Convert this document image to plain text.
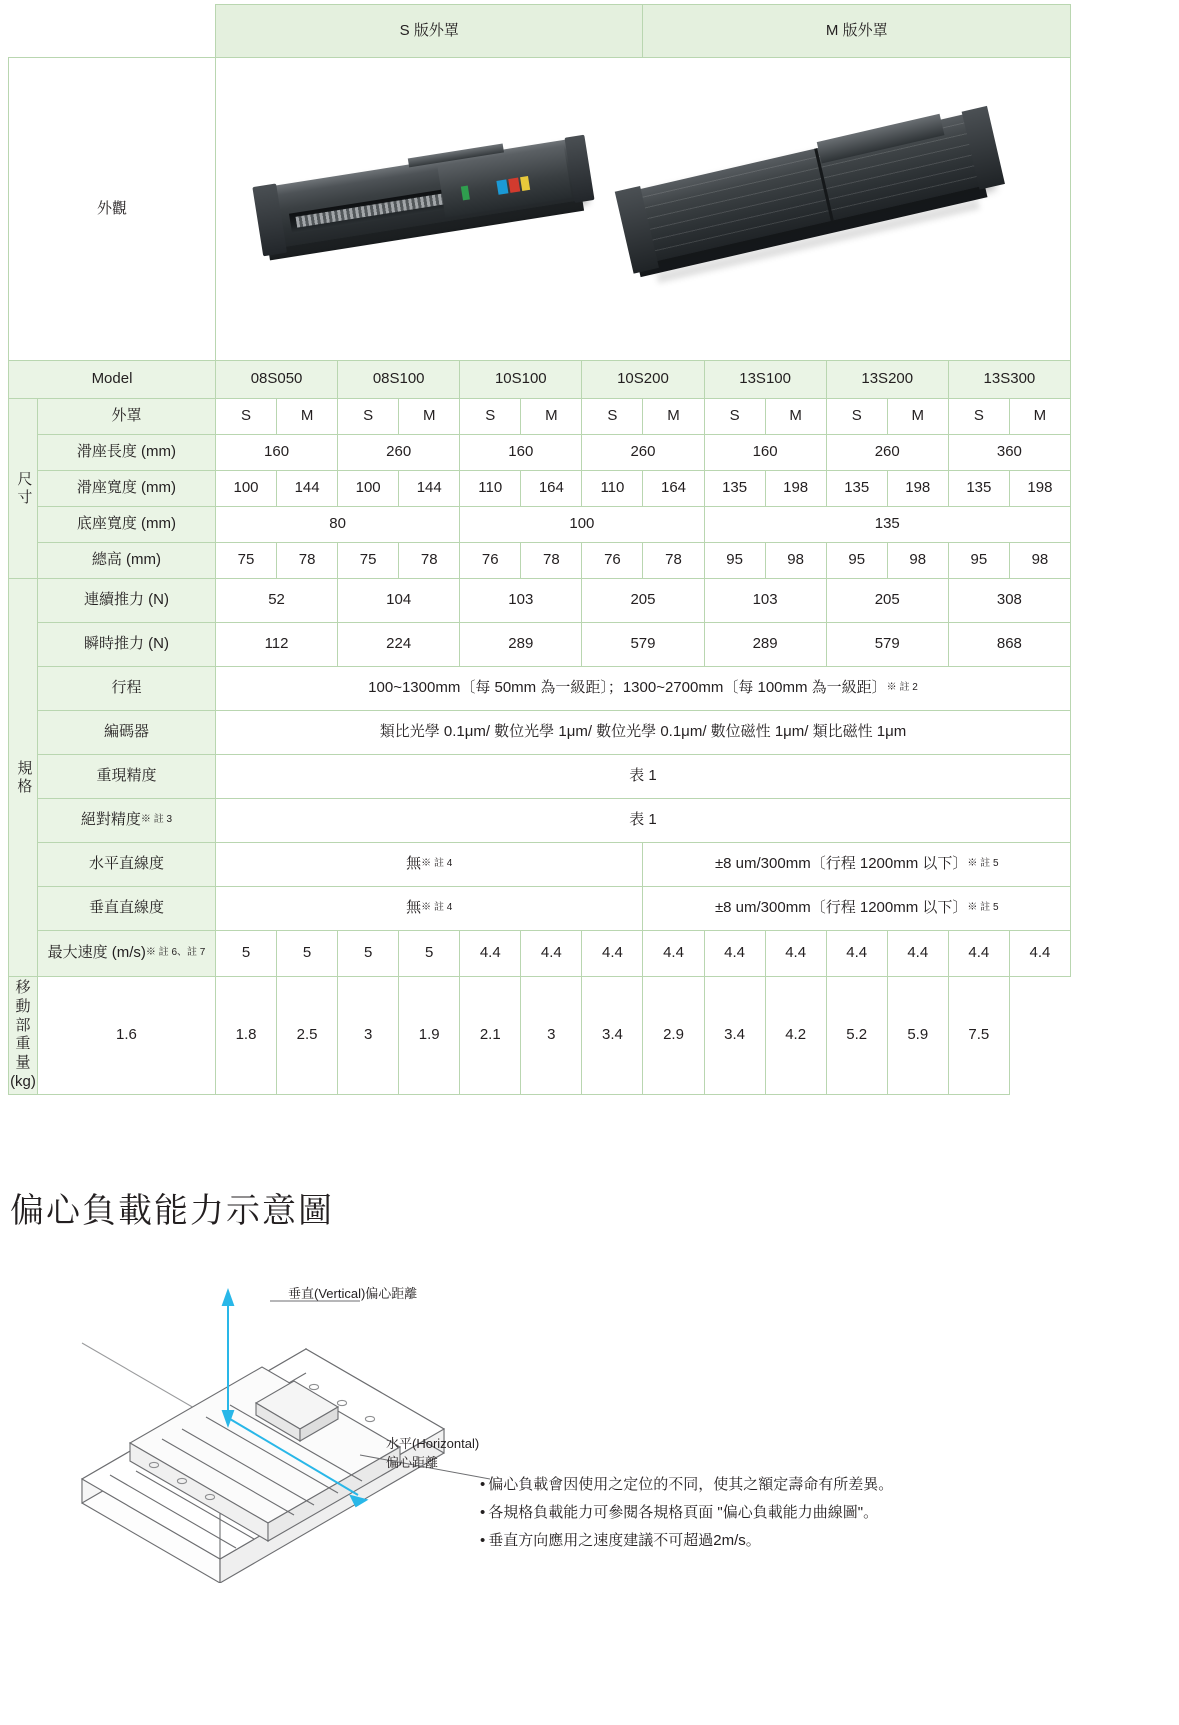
		S 版外罩							M 版外罩						
外觀															

Model		08S050		08S100		10S100		10S200		13S100		13S200		13S300	

尺寸	外罩	S	M	S	M	S	M	S	M	S	M	S	M	S	M
	滑座長度 (mm)	160		260		160		260		160		260		360	
	滑座寬度 (mm)	100	144	100	144	110	164	110	164	135	198	135	198	135	198
	底座寬度 (mm)	80				100				135					
	總高 (mm)	75	78	75	78	76	78	76	78	95	98	95	98	95	98

規格	連續推力 (N)	52		104		103		205		103		205		308	
	瞬時推力 (N)	112		224		289		579		289		579		868	
	行程	100~1300mm〔每 50mm 為一級距〕；1300~2700mm〔每 100mm 為一級距〕$^{※ 註 2}$
	編碼器	類比光學 0.1μm/ 數位光學 1μm/ 數位光學 0.1μm/ 數位磁性 1μm/ 類比磁性 1μm													
	重現精度	表 1													
	絕對精度$^{※ 註 3}$	表 1													
	水平直線度	無$^{※ 註 4}$							±8 um/300mm〔行程 1200mm 以下〕$^{※ 註 5}$
	垂直直線度	無$^{※ 註 4}$							±8 um/300mm〔行程 1200mm 以下〕$^{※ 註 5}$
	最大速度 $(m/s)^{※ 註 6、註 7}$	5	5	5	5	4.4	4.4	4.4	4.4	4.4	4.4	4.4	4.4	4.4	4.4
移動部重量 (kg)	1.6	1.8	2.5	3	1.9	2.1	3	3.4	2.9	3.4	4.2	5.2	5.9	7.5	
偏心負載能力示意圖
垂直(Vertical)偏心距離
水平(Horizontal)
偏心距離
• 偏心負載會因使用之定位的不同，使其之額定壽命有所差異。
• 各規格負載能力可參閱各規格頁面 "偏心負載能力曲線圖"。
• 垂直方向應用之速度建議不可超過2m/s。
